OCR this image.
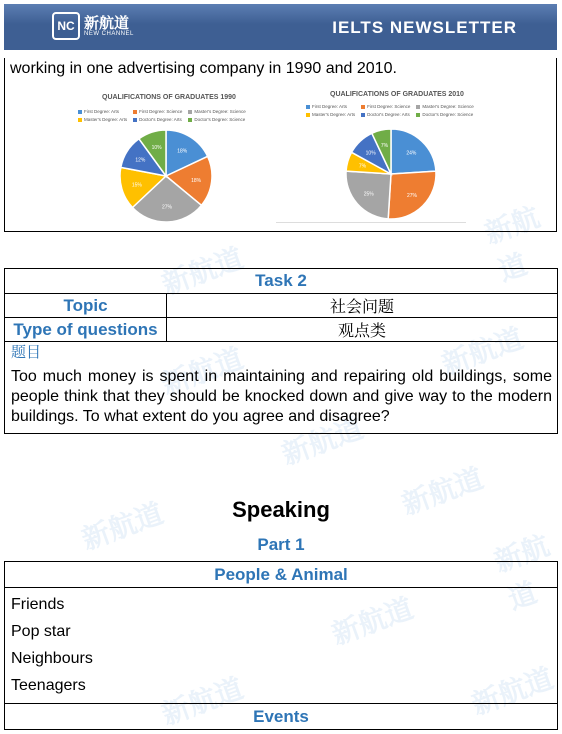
NC 新航道
NEW CHANNEL	IELTS NEWSLETTER
新航道
新航道
新航道	新航道
新航道
新航道
新航道	新航道
新航道
新航道	新航道
working in one advertising company in 1990 and 2010.
QUALIFICATIONS OF GRADUATES 1990
First Degree: Arts	First Degree: Science	Master's Degree: Science
Master's Degree: Arts	Doctor's Degree: Arts	Doctor's Degree: Science
18%
18%
27%
15%
12%
10%
QUALIFICATIONS OF GRADUATES 2010
First Degree: Arts	First Degree: Science	Master's Degree: Science
Master's Degree: Arts	Doctor's Degree: Arts	Doctor's Degree: Science
24%
27%
25%
7%
10%
7%
Task 2	
Topic	社会问题
Type of questions	观点类

题目
Too much money is spent in maintaining and repairing old buildings, some people think that they should be knocked down and give way to the modern buildings. To what extent do you agree and disagree?	
Speaking
Part 1
People & Animal

Friends
Pop star
Neighbours
Teenagers

Events
